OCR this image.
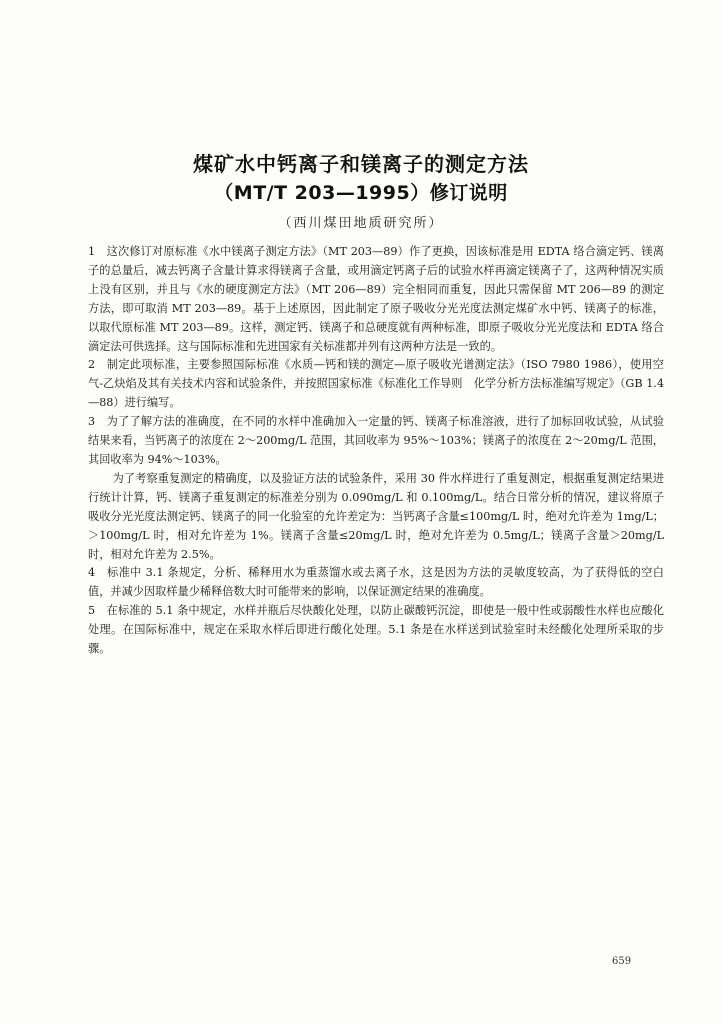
煤矿水中钙离子和镁离子的测定方法
（MT/T 203—1995）修订说明
（西川煤田地质研究所）

1　这次修订对原标准《水中镁离子测定方法》（MT 203—89）作了更换，因该标准是用 EDTA 络合滴定钙、镁离子的总量后，减去钙离子含量计算求得镁离子含量，或用滴定钙离子后的试验水样再滴定镁离子了，这两种情况实质上没有区别，并且与《水的硬度测定方法》（MT 206—89）完全相同而重复，因此只需保留 MT 206—89 的测定方法，即可取消 MT 203—89。基于上述原因，因此制定了原子吸收分光光度法测定煤矿水中钙、镁离子的标准，以取代原标准 MT 203—89。这样，测定钙、镁离子和总硬度就有两种标准，即原子吸收分光光度法和 EDTA 络合滴定法可供选择。这与国际标准和先进国家有关标准都并列有这两种方法是一致的。

2　制定此项标准，主要参照国际标准《水质—钙和镁的测定—原子吸收光谱测定法》（ISO 7980 1986），使用空气-乙炔焰及其有关技术内容和试验条件，并按照国家标准《标准化工作导则　化学分析方法标准编写规定》（GB 1.4—88）进行编写。

3　为了了解方法的准确度，在不同的水样中准确加入一定量的钙、镁离子标准溶液，进行了加标回收试验，从试验结果来看，当钙离子的浓度在 2～200mg/L 范围，其回收率为 95%～103%；镁离子的浓度在 2～20mg/L 范围，其回收率为 94%～103%。

为了考察重复测定的精确度，以及验证方法的试验条件，采用 30 件水样进行了重复测定，根据重复测定结果进行统计计算，钙、镁离子重复测定的标准差分别为 0.090mg/L 和 0.100mg/L。结合日常分析的情况，建议将原子吸收分光光度法测定钙、镁离子的同一化验室的允许差定为：当钙离子含量≤100mg/L 时，绝对允许差为 1mg/L；＞100mg/L 时，相对允许差为 1%。镁离子含量≤20mg/L 时，绝对允许差为 0.5mg/L；镁离子含量＞20mg/L 时，相对允许差为 2.5%。

4　标准中 3.1 条规定，分析、稀释用水为重蒸馏水或去离子水，这是因为方法的灵敏度较高，为了获得低的空白值，并减少因取样量少稀释倍数大时可能带来的影响，以保证测定结果的准确度。

5　在标准的 5.1 条中规定，水样并瓶后尽快酸化处理，以防止碳酸钙沉淀，即使是一般中性或弱酸性水样也应酸化处理。在国际标准中，规定在采取水样后即进行酸化处理。5.1 条是在水样送到试验室时未经酸化处理所采取的步骤。

659
